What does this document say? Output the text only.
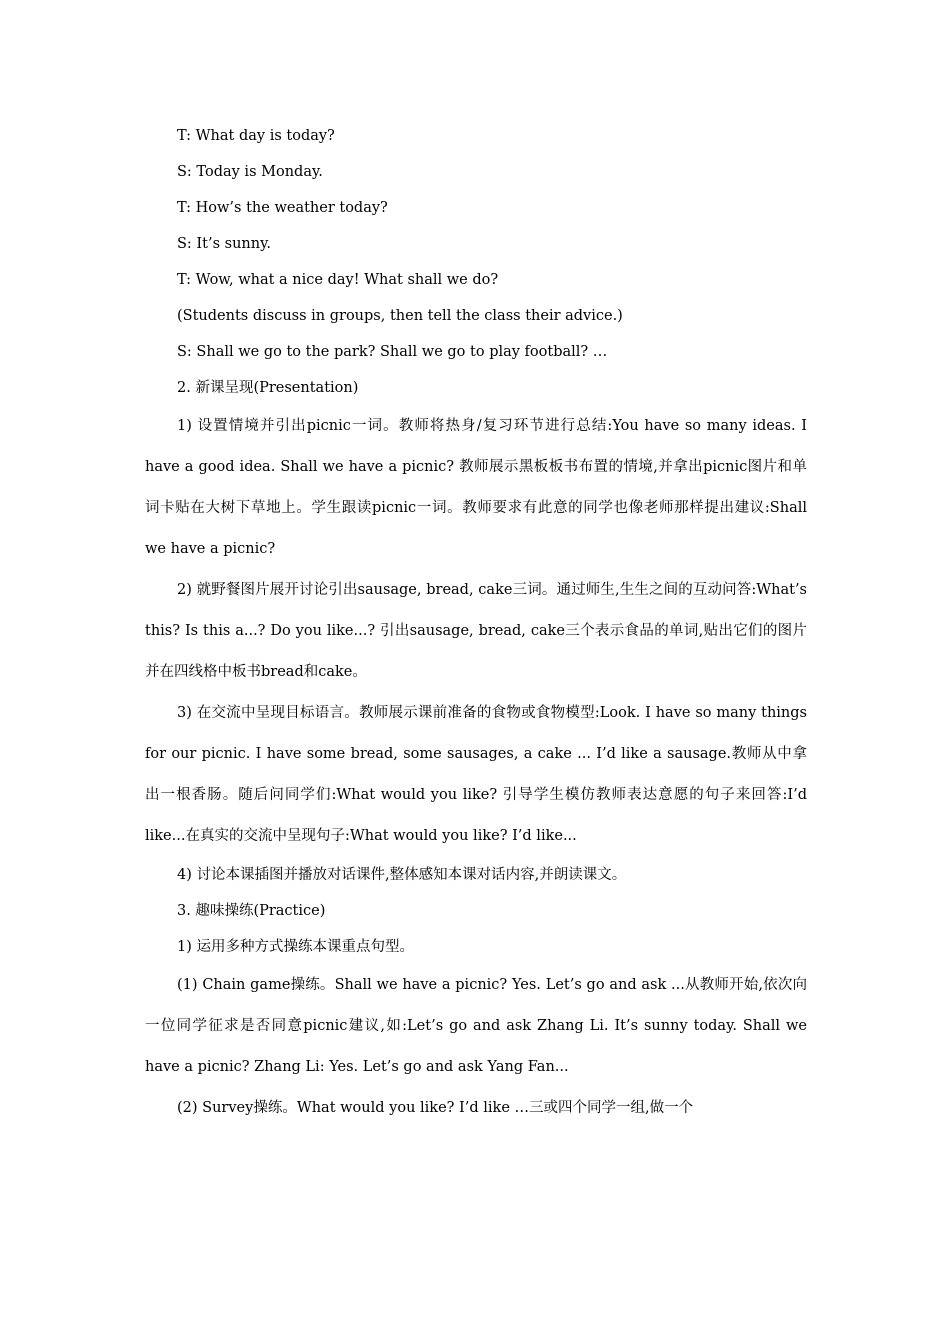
T: What day is today?
S: Today is Monday.
T: How’s the weather today?
S: It’s sunny.
T: Wow, what a nice day! What shall we do?
(Students discuss in groups, then tell the class their advice.)
S: Shall we go to the park? Shall we go to play football? …
2. 新课呈现(Presentation)
1) 设置情境并引出picnic一词。教师将热身/复习环节进行总结:You have so many ideas. I have a good idea. Shall we have a picnic? 教师展示黑板板书布置的情境,并拿出picnic图片和单词卡贴在大树下草地上。学生跟读picnic一词。教师要求有此意的同学也像老师那样提出建议:Shall we have a picnic?
2) 就野餐图片展开讨论引出sausage, bread, cake三词。通过师生,生生之间的互动问答:What’s this? Is this a...? Do you like...? 引出sausage, bread, cake三个表示食品的单词,贴出它们的图片并在四线格中板书bread和cake。
3) 在交流中呈现目标语言。教师展示课前准备的食物或食物模型:Look. I have so many things for our picnic. I have some bread, some sausages, a cake ... I’d like a sausage.教师从中拿出一根香肠。随后问同学们:What would you like? 引导学生模仿教师表达意愿的句子来回答:I’d like...在真实的交流中呈现句子:What would you like? I’d like...
4) 讨论本课插图并播放对话课件,整体感知本课对话内容,并朗读课文。
3. 趣味操练(Practice)
1) 运用多种方式操练本课重点句型。
(1) Chain game操练。Shall we have a picnic? Yes. Let’s go and ask ...从教师开始,依次向一位同学征求是否同意picnic建议,如:Let’s go and ask Zhang Li. It’s sunny today. Shall we have a picnic? Zhang Li: Yes. Let’s go and ask Yang Fan...
(2) Survey操练。What would you like? I’d like …三或四个同学一组,做一个
